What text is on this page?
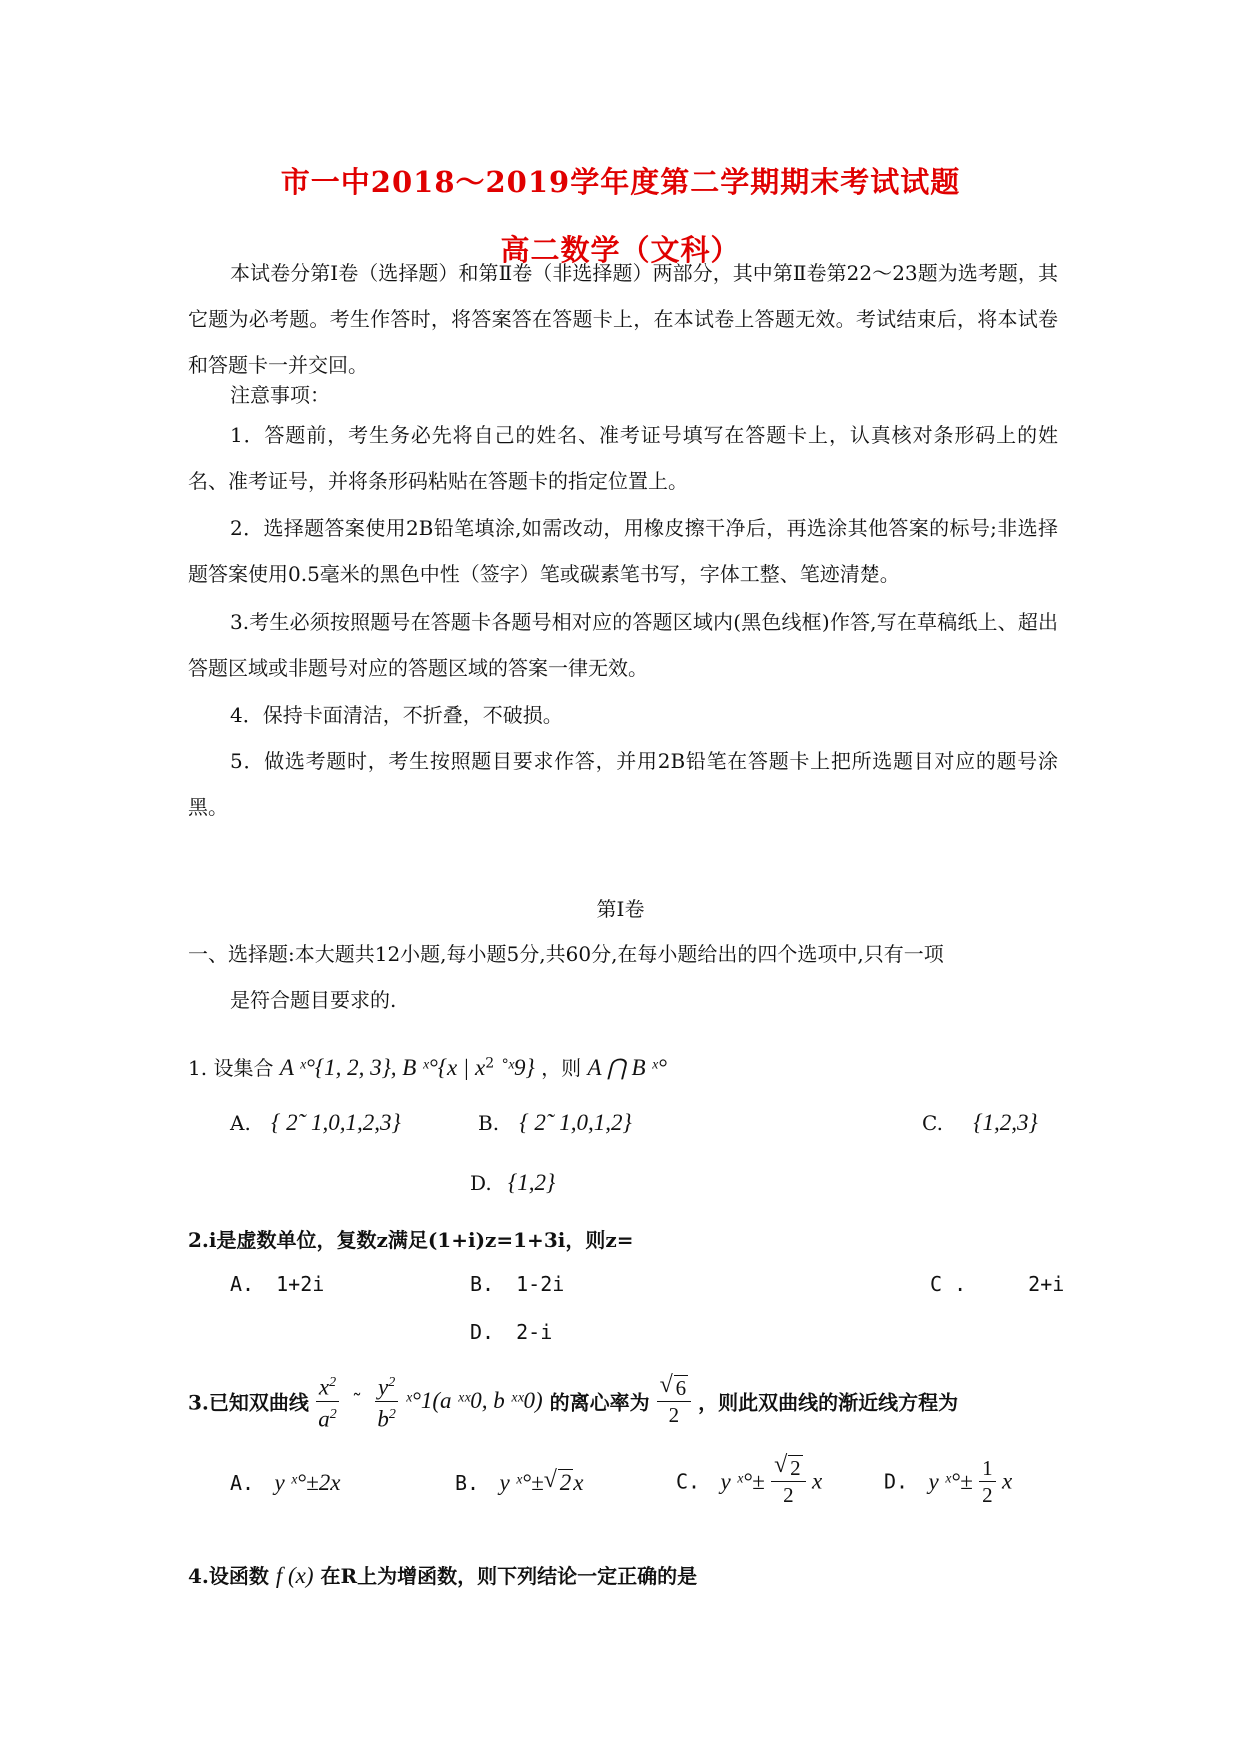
市一中2018～2019学年度第二学期期末考试试题
高二数学（文科）

本试卷分第Ⅰ卷（选择题）和第Ⅱ卷（非选择题）两部分，其中第Ⅱ卷第22～23题为选考题，其它题为必考题。考生作答时，将答案答在答题卡上，在本试卷上答题无效。考试结束后，将本试卷和答题卡一并交回。

注意事项：

1．答题前，考生务必先将自己的姓名、准考证号填写在答题卡上，认真核对条形码上的姓名、准考证号，并将条形码粘贴在答题卡的指定位置上。

2．选择题答案使用2B铅笔填涂,如需改动，用橡皮擦干净后，再选涂其他答案的标号;非选择题答案使用0.5毫米的黑色中性（签字）笔或碳素笔书写，字体工整、笔迹清楚。

3.考生必须按照题号在答题卡各题号相对应的答题区域内(黑色线框)作答,写在草稿纸上、超出答题区域或非题号对应的答题区域的答案一律无效。

4．保持卡面清洁，不折叠，不破损。

5．做选考题时，考生按照题目要求作答，并用2B铅笔在答题卡上把所选题目对应的题号涂黑。

第Ⅰ卷
一、选择题:本大题共12小题,每小题5分,共60分,在每小题给出的四个选项中,只有一项
是符合题目要求的.
1. 设集合 A ˣ°{1, 2, 3}, B ˣ°{x | $x^2$ ˚ˣ9} ，则 A ⋂ B ˣ°
A. { 2˜ 1,0,1,2,3}	B. { 2˜ 1,0,1,2}	C. {1,2,3}
D. {1,2}
2.i是虚数单位，复数z满足(1+i)z=1+3i，则z=
A. 1+2i	B. 1-2i	C .	2+i
D. 2-i
3.已知双曲线 $\frac{x^2}{a^2}$ ˜ $\frac{y^2}{b^2}$ ˣ°1(a ˣˣ0, b ˣˣ0) 的离心率为 √ $\frac{6}{2}$ ，则此双曲线的渐近线方程为
A. y ˣ°±2x	B. y ˣ°± √ 2x	C. y ˣ°± √ $\frac{2}{2}$ x	D. y ˣ°± $\frac{1}{2}$ x
4.设函数 f (x) 在R上为增函数，则下列结论一定正确的是
